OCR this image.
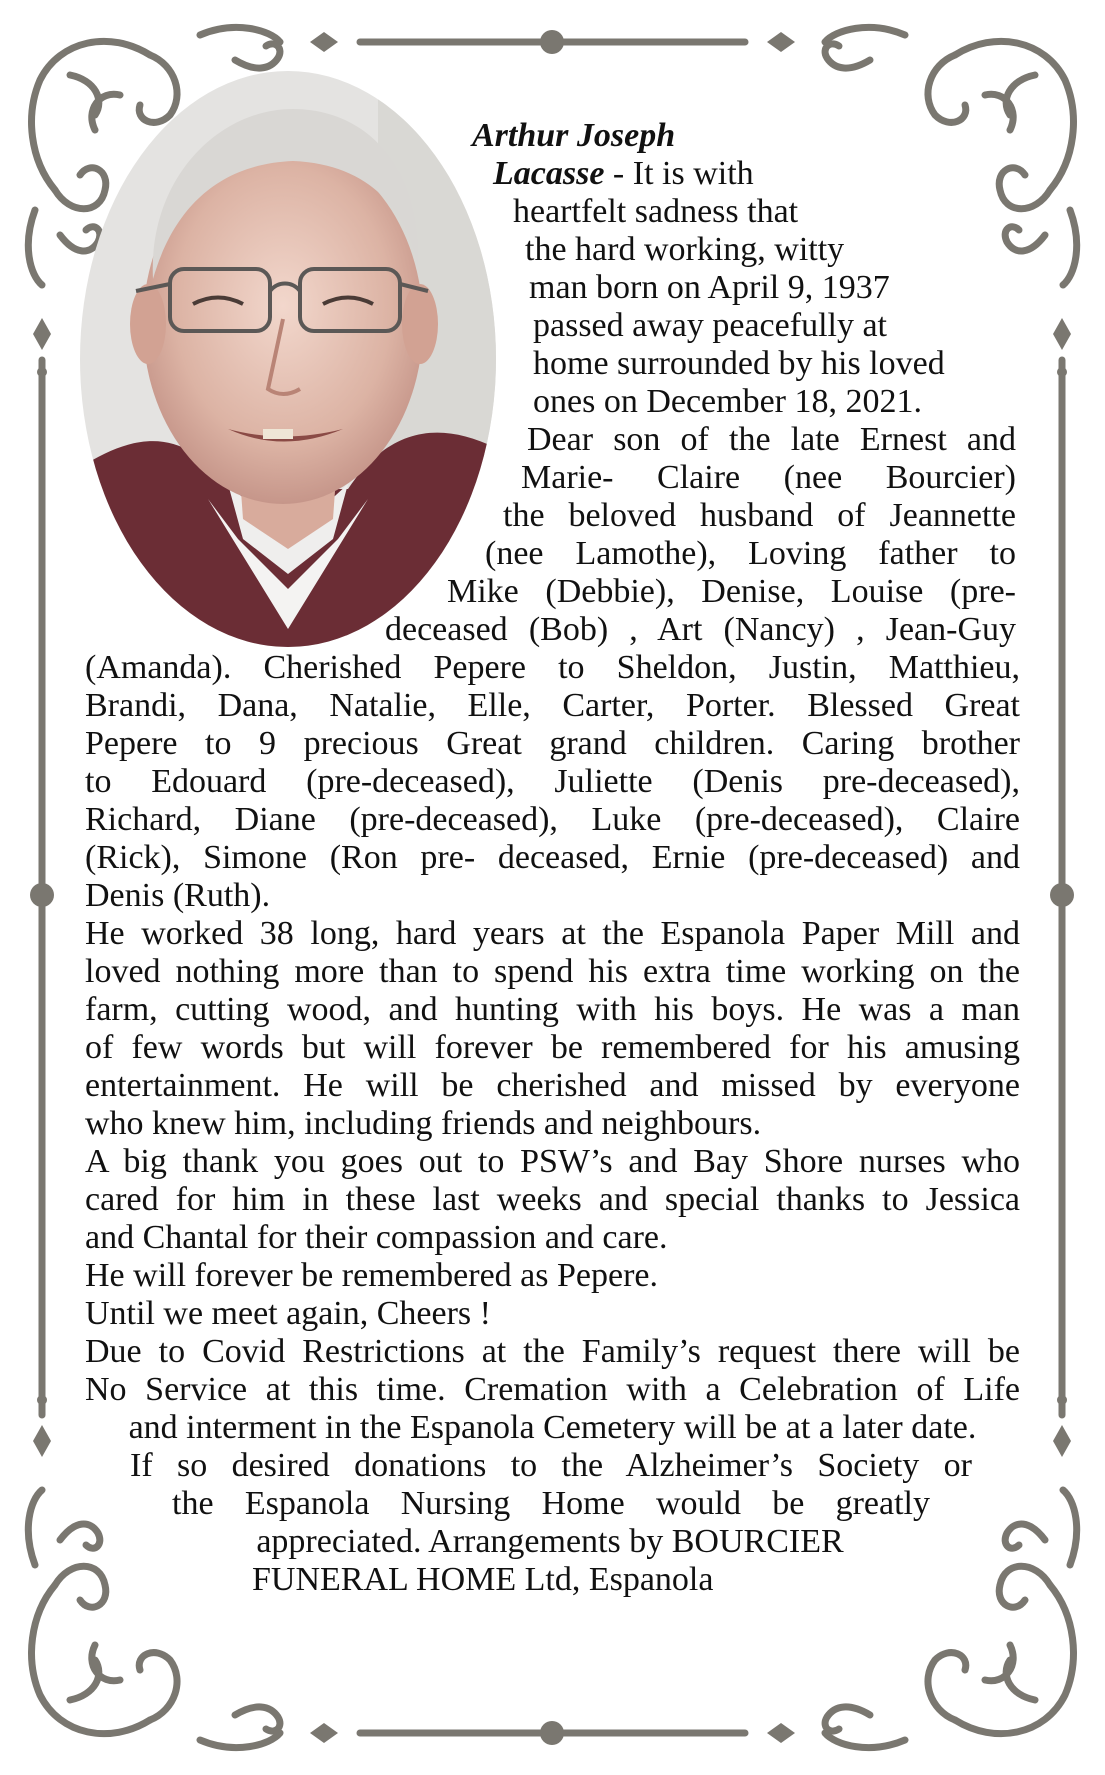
Arthur Joseph
Lacasse - It is with
heartfelt sadness that
the hard working, witty
man born on April 9, 1937
passed away peacefully at
home surrounded by his loved
ones on December 18, 2021.
Dear son of the late Ernest and
Marie- Claire (nee Bourcier)
the beloved husband of Jeannette
(nee Lamothe), Loving father to
Mike (Debbie), Denise, Louise (pre-
deceased (Bob) , Art (Nancy) , Jean-Guy
(Amanda). Cherished Pepere to Sheldon, Justin, Matthieu,
Brandi, Dana, Natalie, Elle, Carter, Porter. Blessed Great
Pepere to 9 precious Great grand children. Caring brother
to Edouard (pre-deceased), Juliette (Denis pre-deceased),
Richard, Diane (pre-deceased), Luke (pre-deceased), Claire
(Rick), Simone (Ron pre- deceased, Ernie (pre-deceased) and
Denis (Ruth).
He worked 38 long, hard years at the Espanola Paper Mill and
loved nothing more than to spend his extra time working on the
farm, cutting wood, and hunting with his boys. He was a man
of few words but will forever be remembered for his amusing
entertainment. He will be cherished and missed by everyone
who knew him, including friends and neighbours.
A big thank you goes out to PSW’s and Bay Shore nurses who
cared for him in these last weeks and special thanks to Jessica
and Chantal for their compassion and care.
He will forever be remembered as Pepere.
Until we meet again, Cheers !
Due to Covid Restrictions at the Family’s request there will be
No Service at this time. Cremation with a Celebration of Life
and interment in the Espanola Cemetery will be at a later date.
If so desired donations to the Alzheimer’s Society or
the Espanola Nursing Home would be greatly
appreciated. Arrangements by BOURCIER
FUNERAL HOME Ltd, Espanola
